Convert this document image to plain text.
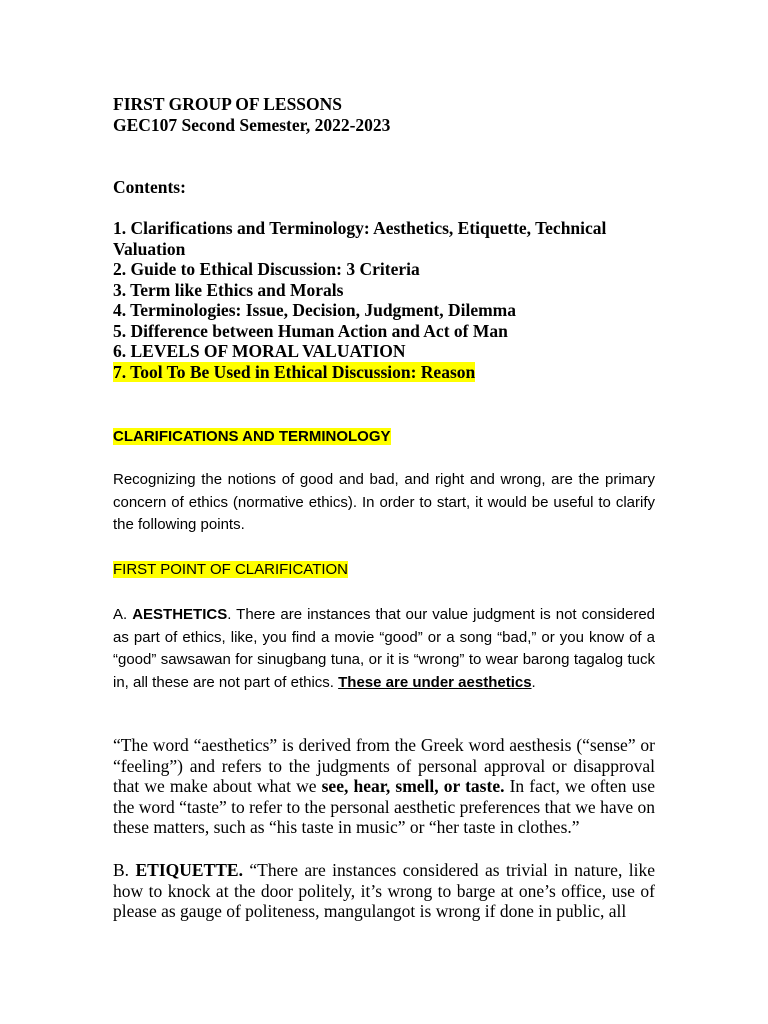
FIRST GROUP OF LESSONS
GEC107 Second Semester, 2022-2023
Contents:
1. Clarifications and Terminology: Aesthetics, Etiquette, Technical Valuation
2. Guide to Ethical Discussion: 3 Criteria
3. Term like Ethics and Morals
4. Terminologies: Issue, Decision, Judgment, Dilemma
5. Difference between Human Action and Act of Man
6. LEVELS OF MORAL VALUATION
7. Tool To Be Used in Ethical Discussion: Reason
CLARIFICATIONS AND TERMINOLOGY

Recognizing the notions of good and bad, and right and wrong, are the primary concern of ethics (normative ethics). In order to start, it would be useful to clarify the following points.

FIRST POINT OF CLARIFICATION

A. AESTHETICS. There are instances that our value judgment is not considered as part of ethics, like, you find a movie “good” or a song “bad,” or you know of a “good” sawsawan for sinugbang tuna, or it is “wrong” to wear barong tagalog tuck in, all these are not part of ethics. These are under aesthetics.

“The word “aesthetics” is derived from the Greek word aesthesis (“sense” or “feeling”) and refers to the judgments of personal approval or disapproval that we make about what we see, hear, smell, or taste. In fact, we often use the word “taste” to refer to the personal aesthetic preferences that we have on these matters, such as “his taste in music” or “her taste in clothes.”

B. ETIQUETTE. “There are instances considered as trivial in nature, like how to knock at the door politely, it’s wrong to barge at one’s office, use of please as gauge of politeness, mangulangot is wrong if done in public, all
